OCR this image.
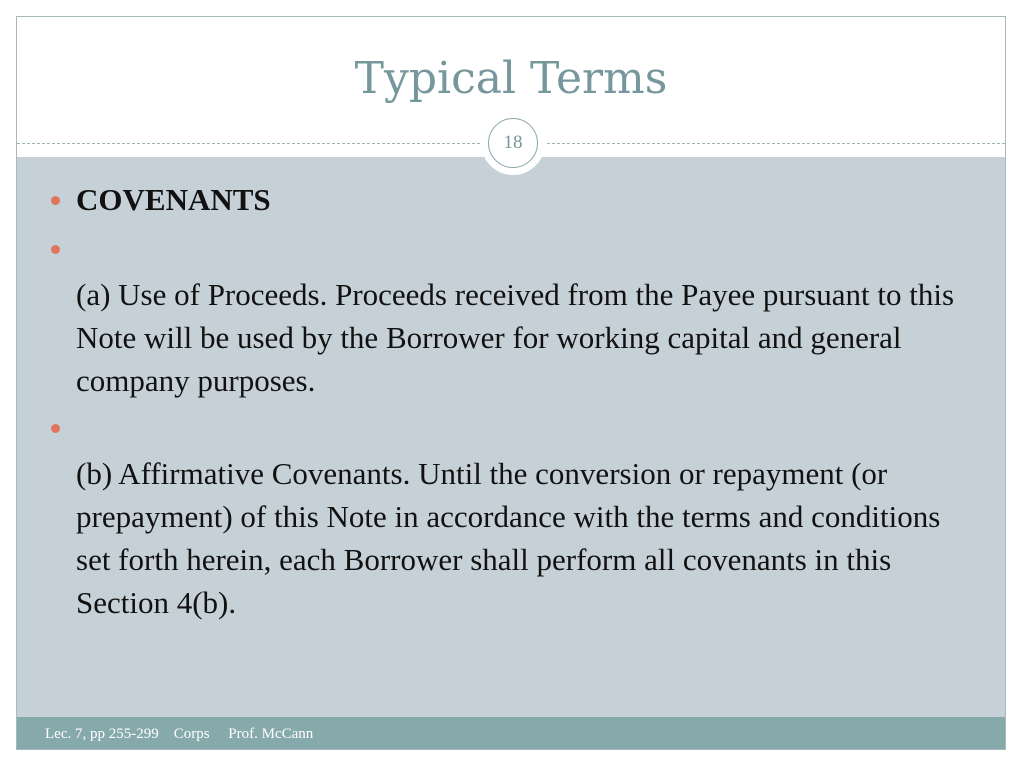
Typical Terms
COVENANTS
(a) Use of Proceeds. Proceeds received from the Payee pursuant to this Note will be used by the Borrower for working capital and general company purposes.
(b) Affirmative Covenants. Until the conversion or repayment (or prepayment) of this Note in accordance with the terms and conditions set forth herein, each Borrower shall perform all covenants in this Section 4(b).
18
Lec. 7, pp 255-299    Corps     Prof. McCann
